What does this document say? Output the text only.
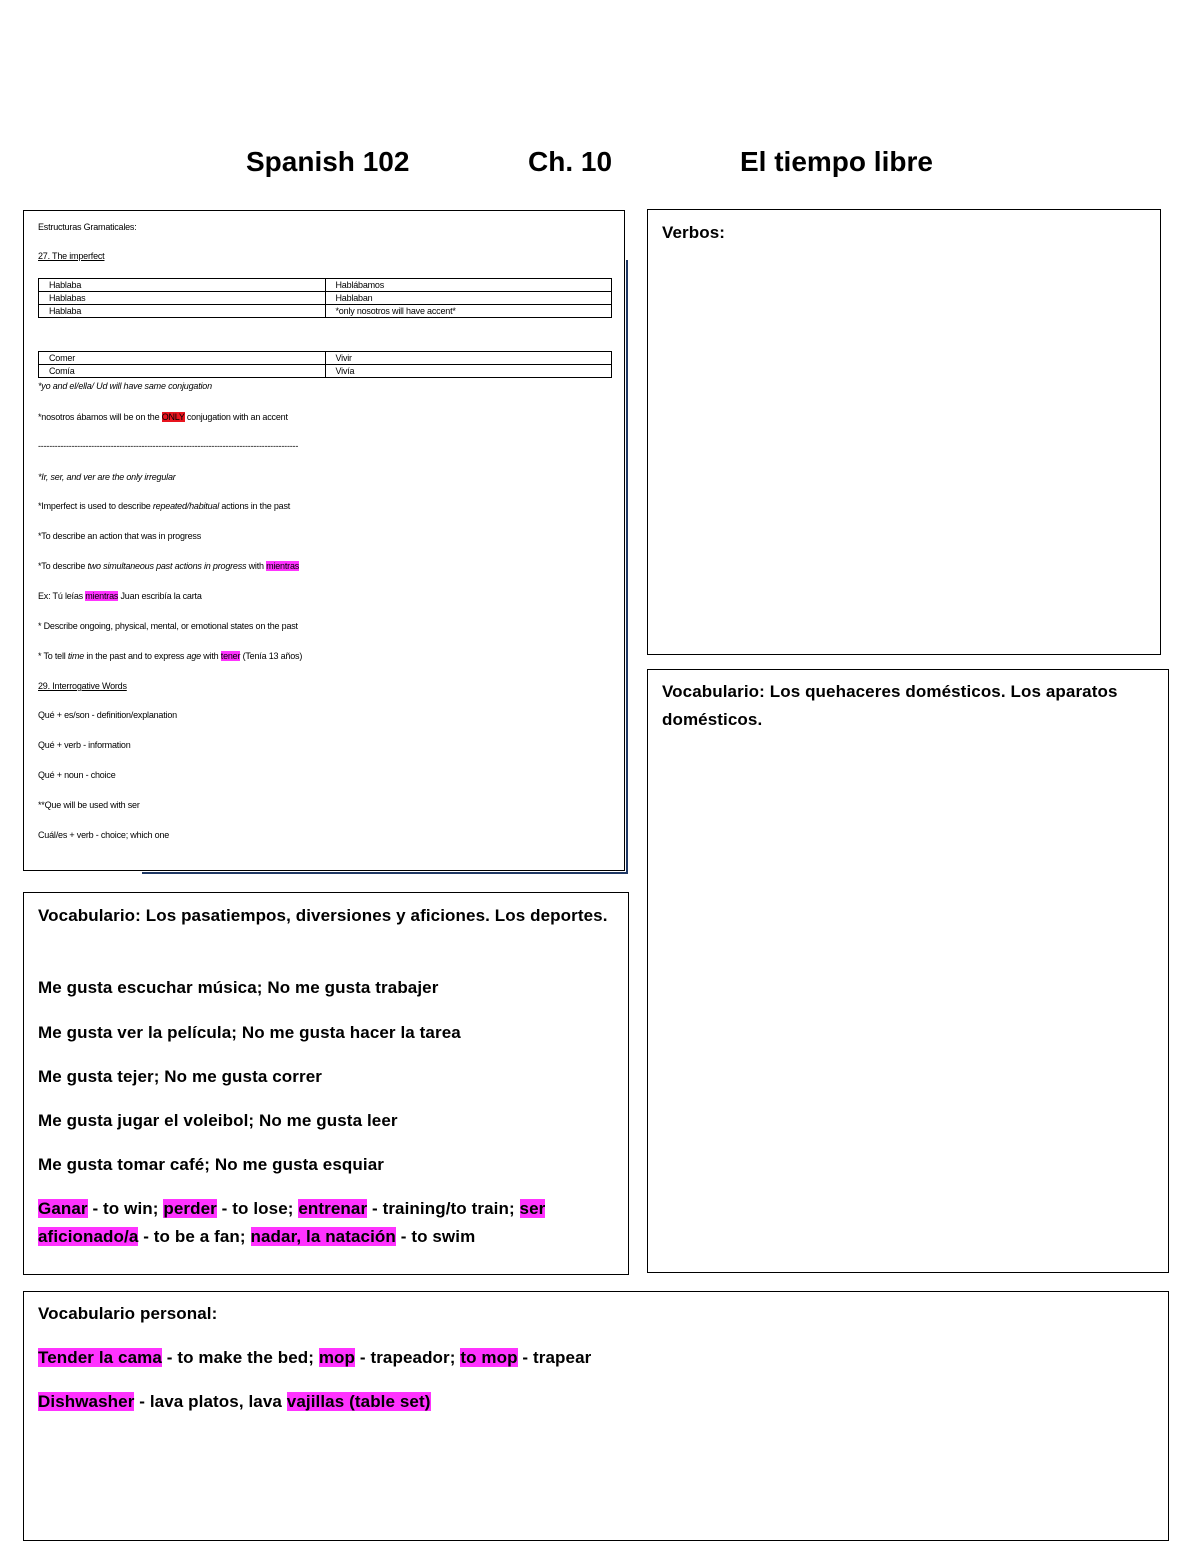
Spanish 102	Ch. 10	El tiempo libre
Estructuras Gramaticales:
27. The imperfect
Hablaba	Hablábamos
Hablabas	Hablaban
Hablaba	*only nosotros will have accent*
Comer	Vivir
Comía	Vivía
*yo and el/ella/ Ud will have same conjugation
*nosotros ábamos will be on the ONLY conjugation with an accent
---------------------------------------------------------------------------------------------
*Ir, ser, and ver are the only irregular
*Imperfect is used to describe repeated/habitual actions in the past
*To describe an action that was in progress
*To describe two simultaneous past actions in progress with mientras
Ex: Tú leías mientras Juan escribía la carta
* Describe ongoing, physical, mental, or emotional states on the past
* To tell time in the past and to express age with tener (Tenía 13 años)
29. Interrogative Words
Qué + es/son - definition/explanation
Qué + verb - information
Qué + noun - choice
**Que will be used with ser
Cuál/es + verb - choice; which one
Verbos:
Vocabulario: Los quehaceres domésticos. Los aparatos domésticos.
Vocabulario: Los pasatiempos, diversiones y aficiones. Los deportes.
Me gusta escuchar música; No me gusta trabajer
Me gusta ver la película; No me gusta hacer la tarea
Me gusta tejer; No me gusta correr
Me gusta jugar el voleibol; No me gusta leer
Me gusta tomar café; No me gusta esquiar
Ganar - to win; perder - to lose; entrenar - training/to train; ser aficionado/a - to be a fan; nadar, la natación - to swim
Vocabulario personal:
Tender la cama - to make the bed; mop - trapeador; to mop - trapear
Dishwasher - lava platos, lava vajillas (table set)
